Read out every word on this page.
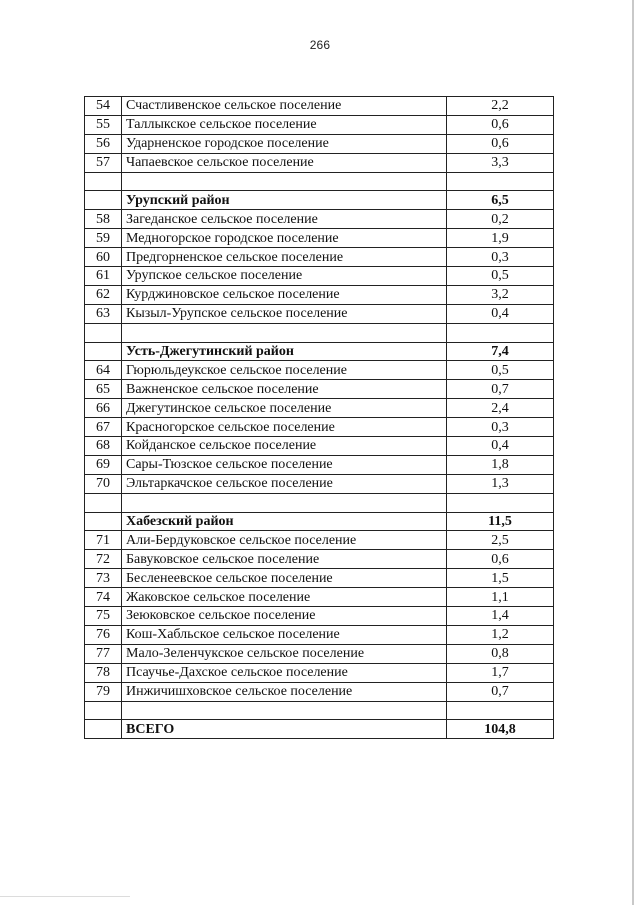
266
54	Счастливенское сельское поселение	2,2
55	Таллыкское сельское поселение	0,6
56	Ударненское городское поселение	0,6
57	Чапаевское сельское поселение	3,3

	Урупский район	6,5
58	Загеданское сельское поселение	0,2
59	Медногорское городское поселение	1,9
60	Предгорненское сельское поселение	0,3
61	Урупское сельское поселение	0,5
62	Курджиновское сельское поселение	3,2
63	Кызыл-Урупское сельское поселение	0,4

	Усть-Джегутинский район	7,4
64	Гюрюльдеукское сельское поселение	0,5
65	Важненское сельское поселение	0,7
66	Джегутинское сельское поселение	2,4
67	Красногорское сельское поселение	0,3
68	Койданское сельское поселение	0,4
69	Сары-Тюзское сельское поселение	1,8
70	Эльтаркачское сельское поселение	1,3

	Хабезский район	11,5
71	Али-Бердуковское сельское поселение	2,5
72	Бавуковское сельское поселение	0,6
73	Бесленеевское сельское поселение	1,5
74	Жаковское сельское поселение	1,1
75	Зеюковское сельское поселение	1,4
76	Кош-Хабльское сельское поселение	1,2
77	Мало-Зеленчукское сельское поселение	0,8
78	Псаучье-Дахское сельское поселение	1,7
79	Инжичишховское сельское поселение	0,7

	ВСЕГО	104,8
